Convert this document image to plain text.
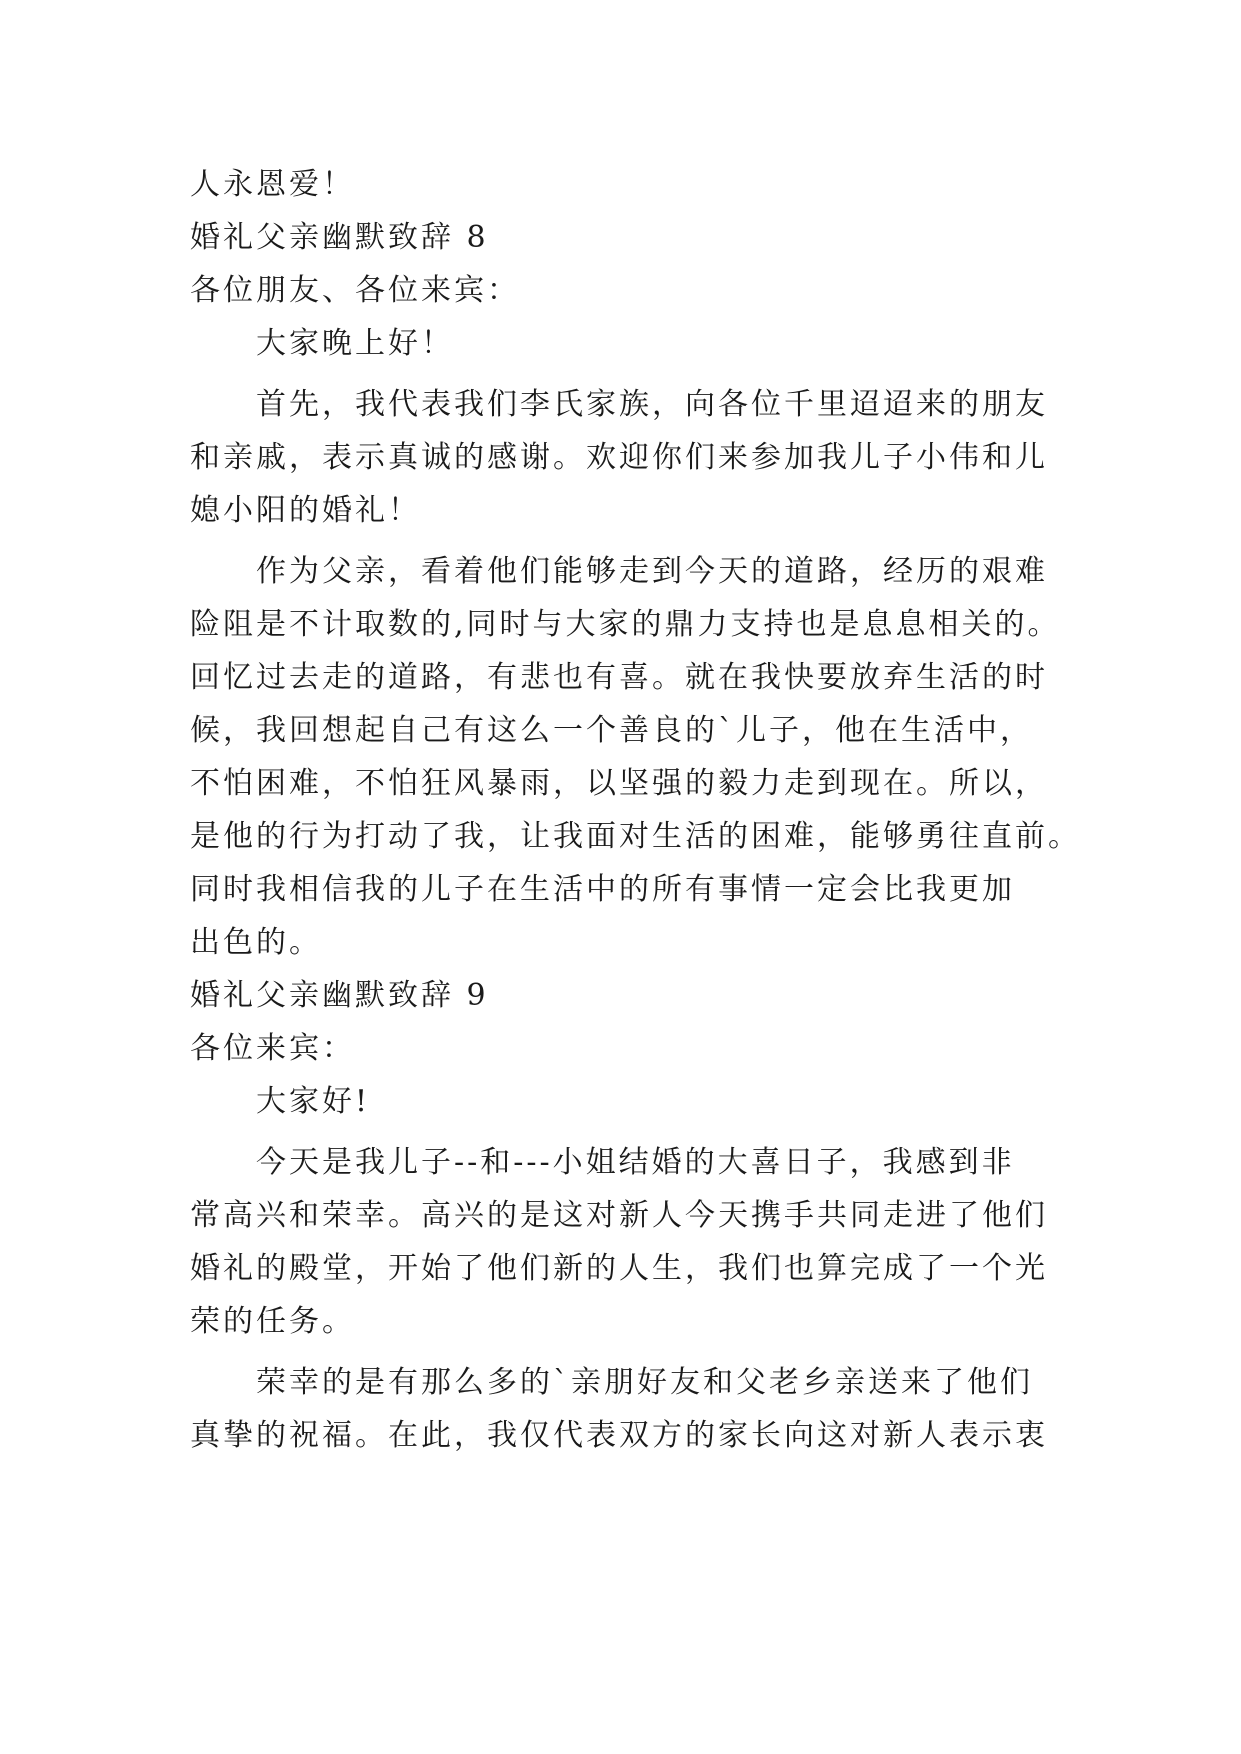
人永恩爱！
婚礼父亲幽默致辞 8
各位朋友、各位来宾：
大家晚上好！
首先，我代表我们李氏家族，向各位千里迢迢来的朋友
和亲戚，表示真诚的感谢。欢迎你们来参加我儿子小伟和儿
媳小阳的婚礼！
作为父亲，看着他们能够走到今天的道路，经历的艰难
险阻是不计取数的,同时与大家的鼎力支持也是息息相关的。
回忆过去走的道路，有悲也有喜。就在我快要放弃生活的时
候，我回想起自己有这么一个善良的`儿子，他在生活中，
不怕困难，不怕狂风暴雨，以坚强的毅力走到现在。所以，
是他的行为打动了我，让我面对生活的困难，能够勇往直前。
同时我相信我的儿子在生活中的所有事情一定会比我更加
出色的。
婚礼父亲幽默致辞 9
各位来宾：
大家好!
今天是我儿子--和---小姐结婚的大喜日子，我感到非
常高兴和荣幸。高兴的是这对新人今天携手共同走进了他们
婚礼的殿堂，开始了他们新的人生，我们也算完成了一个光
荣的任务。
荣幸的是有那么多的`亲朋好友和父老乡亲送来了他们
真挚的祝福。在此，我仅代表双方的家长向这对新人表示衷
